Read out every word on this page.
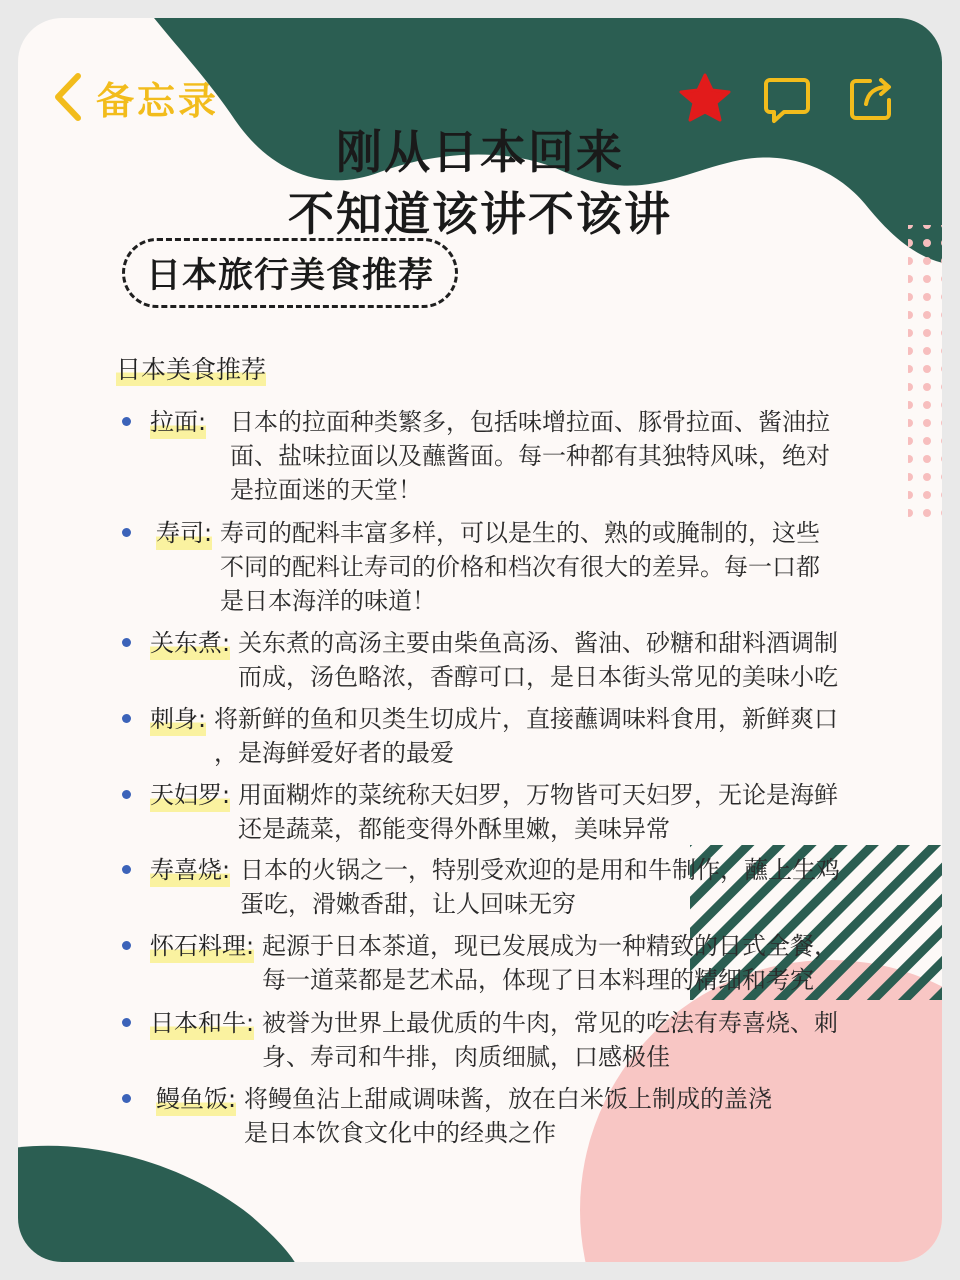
备忘录
刚从日本回来
不知道该讲不该讲
日本旅行美食推荐
日本美食推荐
拉面: 日本的拉面种类繁多，包括味增拉面、豚骨拉面、酱油拉
面、盐味拉面以及蘸酱面。每一种都有其独特风味，绝对
是拉面迷的天堂！
寿司: 寿司的配料丰富多样，可以是生的、熟的或腌制的，这些
不同的配料让寿司的价格和档次有很大的差异。每一口都
是日本海洋的味道！
关东煮: 关东煮的高汤主要由柴鱼高汤、酱油、砂糖和甜料酒调制
而成，汤色略浓，香醇可口，是日本街头常见的美味小吃
刺身: 将新鲜的鱼和贝类生切成片，直接蘸调味料食用，新鲜爽口
，是海鲜爱好者的最爱
天妇罗: 用面糊炸的菜统称天妇罗，万物皆可天妇罗，无论是海鲜
还是蔬菜，都能变得外酥里嫩，美味异常
寿喜烧: 日本的火锅之一，特别受欢迎的是用和牛制作，蘸上生鸡
蛋吃，滑嫩香甜，让人回味无穷
怀石料理: 起源于日本茶道，现已发展成为一种精致的日式全餐，
每一道菜都是艺术品，体现了日本料理的精细和考究
日本和牛: 被誉为世界上最优质的牛肉，常见的吃法有寿喜烧、刺
身、寿司和牛排，肉质细腻，口感极佳
鳗鱼饭: 将鳗鱼沾上甜咸调味酱，放在白米饭上制成的盖浇
是日本饮食文化中的经典之作
